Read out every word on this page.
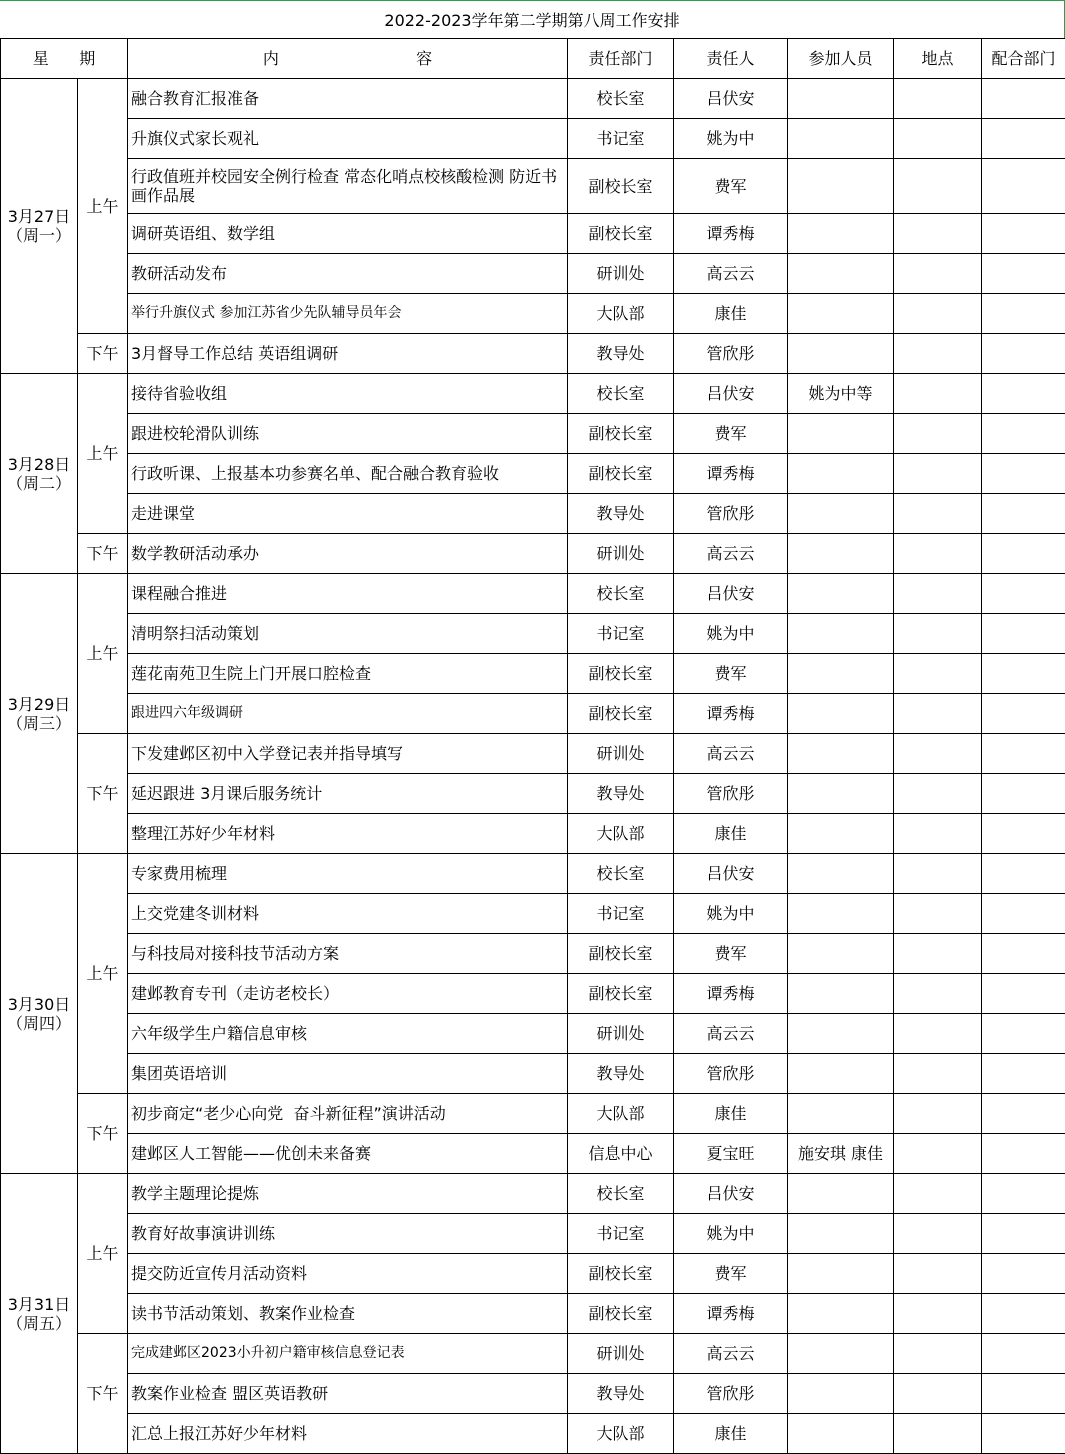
2022-2023学年第二学期第八周工作安排
星      期		内                           容	责任部门	责任人	参加人员	地点	配合部门
3月27日
（周一）	上午	融合教育汇报准备	校长室	吕伏安			
		升旗仪式家长观礼	书记室	姚为中			
		行政值班并校园安全例行检查 常态化哨点校核酸检测 防近书画作品展	副校长室	费军			
		调研英语组、数学组	副校长室	谭秀梅			
		教研活动发布	研训处	高云云			
		举行升旗仪式 参加江苏省少先队辅导员年会	大队部	康佳			
	下午	3月督导工作总结 英语组调研	教导处	管欣彤			
3月28日
（周二）	上午	接待省验收组	校长室	吕伏安	姚为中等		
		跟进校轮滑队训练	副校长室	费军			
		行政听课、上报基本功参赛名单、配合融合教育验收	副校长室	谭秀梅			
		走进课堂	教导处	管欣彤			
	下午	数学教研活动承办	研训处	高云云			
3月29日
（周三）	上午	课程融合推进	校长室	吕伏安			
		清明祭扫活动策划	书记室	姚为中			
		莲花南苑卫生院上门开展口腔检查	副校长室	费军			
		跟进四六年级调研	副校长室	谭秀梅			
	下午	下发建邺区初中入学登记表并指导填写	研训处	高云云			
		延迟跟进 3月课后服务统计	教导处	管欣彤			
		整理江苏好少年材料	大队部	康佳			
3月30日
（周四）	上午	专家费用梳理	校长室	吕伏安			
		上交党建冬训材料	书记室	姚为中			
		与科技局对接科技节活动方案	副校长室	费军			
		建邺教育专刊（走访老校长）	副校长室	谭秀梅			
		六年级学生户籍信息审核	研训处	高云云			
		集团英语培训	教导处	管欣彤			
	下午	初步商定“老少心向党  奋斗新征程”演讲活动	大队部	康佳			
		建邺区人工智能——优创未来备赛	信息中心	夏宝旺	施安琪 康佳		
3月31日
（周五）	上午	教学主题理论提炼	校长室	吕伏安			
		教育好故事演讲训练	书记室	姚为中			
		提交防近宣传月活动资料	副校长室	费军			
		读书节活动策划、教案作业检查	副校长室	谭秀梅			
	下午	完成建邺区2023小升初户籍审核信息登记表	研训处	高云云			
		教案作业检查 盟区英语教研	教导处	管欣彤			
		汇总上报江苏好少年材料	大队部	康佳			
